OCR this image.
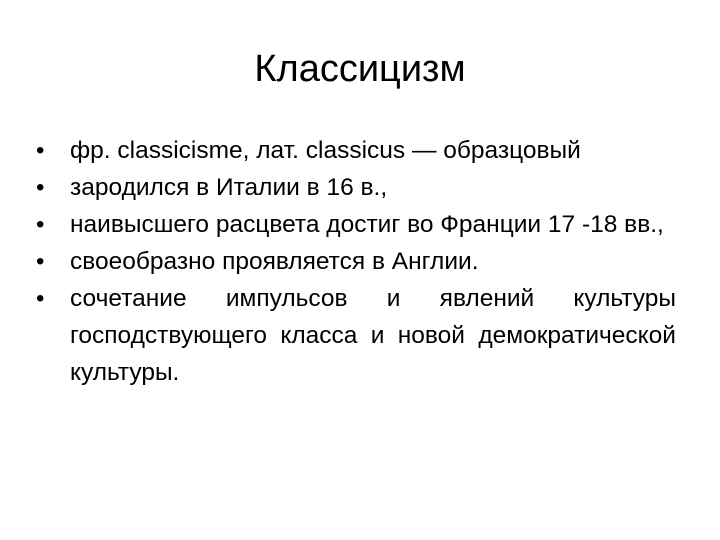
Классицизм
•	фр. classicisme, лат. classicus — образцовый
•	зародился в Италии в 16 в.,
•	наивысшего расцвета достиг во Франции 17 -18 вв.,
•	своеобразно проявляется в Англии.
•	сочетание импульсов и явлений культуры господствующего класса и новой демократической культуры.
